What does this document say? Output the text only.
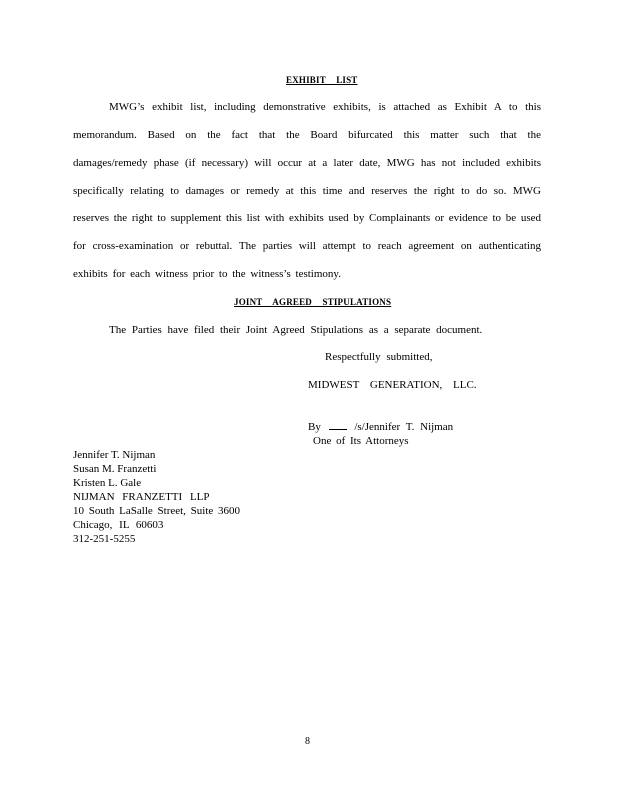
EXHIBIT LIST
MWG’s exhibit list, including demonstrative exhibits, is attached as Exhibit A to this
memorandum. Based on the fact that the Board bifurcated this matter such that the
damages/remedy phase (if necessary) will occur at a later date, MWG has not included exhibits
specifically relating to damages or remedy at this time and reserves the right to do so. MWG
reserves the right to supplement this list with exhibits used by Complainants or evidence to be used
for cross-examination or rebuttal. The parties will attempt to reach agreement on authenticating
exhibits for each witness prior to the witness’s testimony.
JOINT AGREED STIPULATIONS
The Parties have filed their Joint Agreed Stipulations as a separate document.
Respectfully submitted,
MIDWEST GENERATION, LLC.
By	/s/Jennifer T. Nijman
One of Its Attorneys
Jennifer T. Nijman
Susan M. Franzetti
Kristen L. Gale
NIJMAN FRANZETTI LLP
10 South LaSalle Street, Suite 3600
Chicago, IL 60603
312-251-5255
8
